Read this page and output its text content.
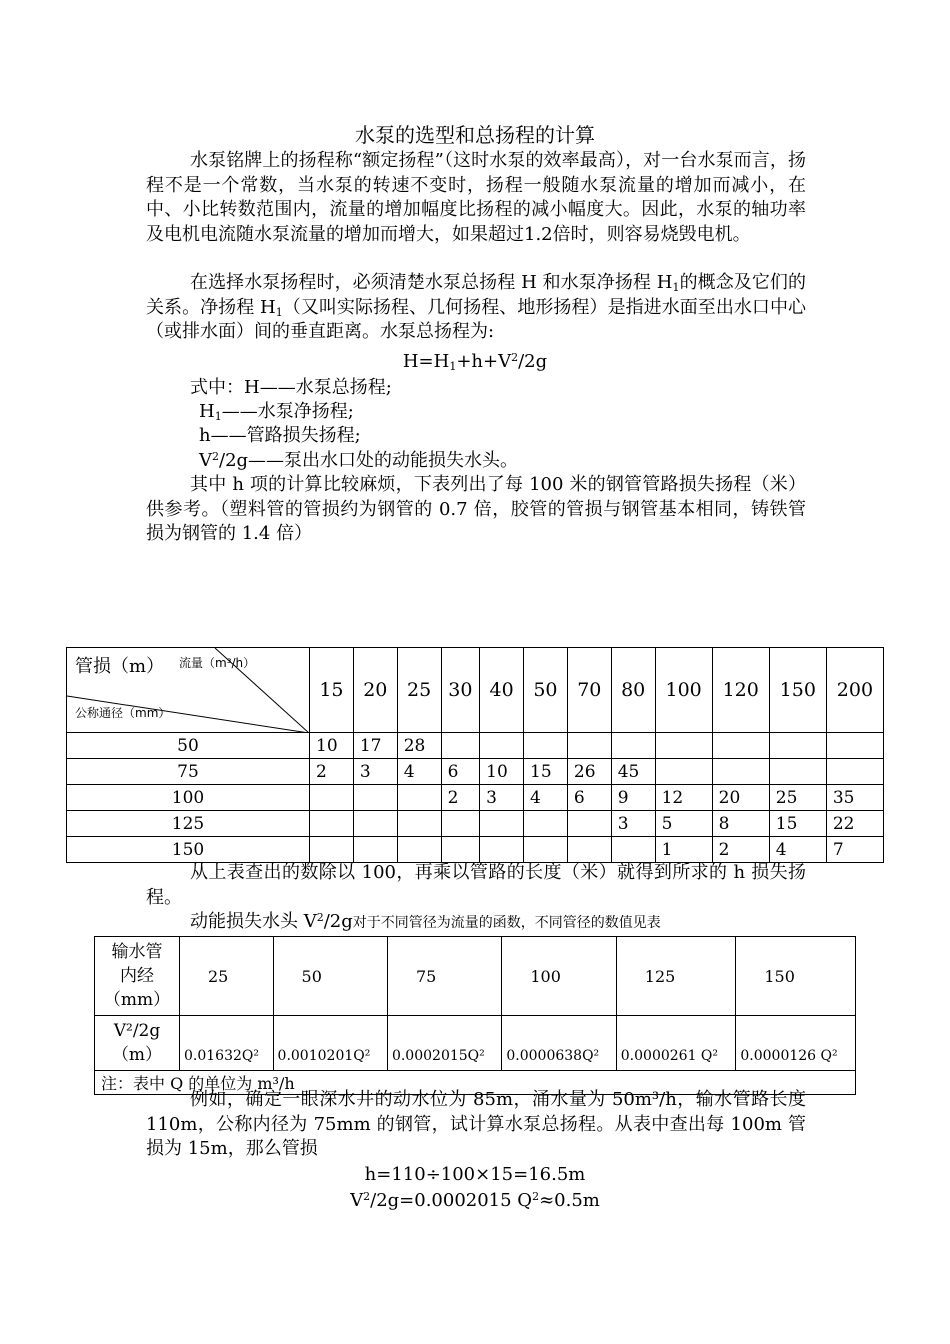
水泵的选型和总扬程的计算
水泵铭牌上的扬程称“额定扬程”（这时水泵的效率最高），对一台水泵而言，扬程不是一个常数，当水泵的转速不变时，扬程一般随水泵流量的增加而减小，在中、小比转数范围内，流量的增加幅度比扬程的减小幅度大。因此，水泵的轴功率及电机电流随水泵流量的增加而增大，如果超过1.2倍时，则容易烧毁电机。
在选择水泵扬程时，必须清楚水泵总扬程 H 和水泵净扬程 $H_1$的概念及它们的关系。净扬程 $H_1$（又叫实际扬程、几何扬程、地形扬程）是指进水面至出水口中心（或排水面）间的垂直距离。水泵总扬程为:
$H=H_1+h+V^2/2g$
式中：H——水泵总扬程;
$H_1——$水泵净扬程;
h——管路损失扬程;
$V^2/2g——$泵出水口处的动能损失水头。
其中 h 项的计算比较麻烦，下表列出了每 100 米的钢管管路损失扬程（米）供参考。（塑料管的管损约为钢管的 0.7 倍，胶管的管损与钢管基本相同，铸铁管损为钢管的 1.4 倍）
管损（m） 流量（m³/h）
公称通径（mm）	15	20	25	30	40	50	70	80	100	120	150	200
50	10	17	28									
75	2	3	4	6	10	15	26	45				
100				2	3	4	6	9	12	20	25	35
125								3	5	8	15	22
150									1	2	4	7
从上表查出的数除以 100，再乘以管路的长度（米）就得到所求的 h 损失扬程。
动能损失水头 $V^2/2g$对于不同管径为流量的函数，不同管径的数值见表
输水管
内经
（mm）	25	50	75	100	125	150

V²/2g
（m）	0.01632Q²	0.0010201Q²	0.0002015Q²	0.0000638Q²	0.0000261 Q²	0.0000126 Q²
注：表中 Q 的单位为 m³/h						
例如，确定一眼深水井的动水位为 85m，涌水量为 50m³/h，输水管路长度 110m，公称内径为 75mm 的钢管，试计算水泵总扬程。从表中查出每 100m 管损为 15m，那么管损
h=110÷100×15=16.5m
$V^2/2g=0.0002015$ $Q^2\approx 0.5m$
